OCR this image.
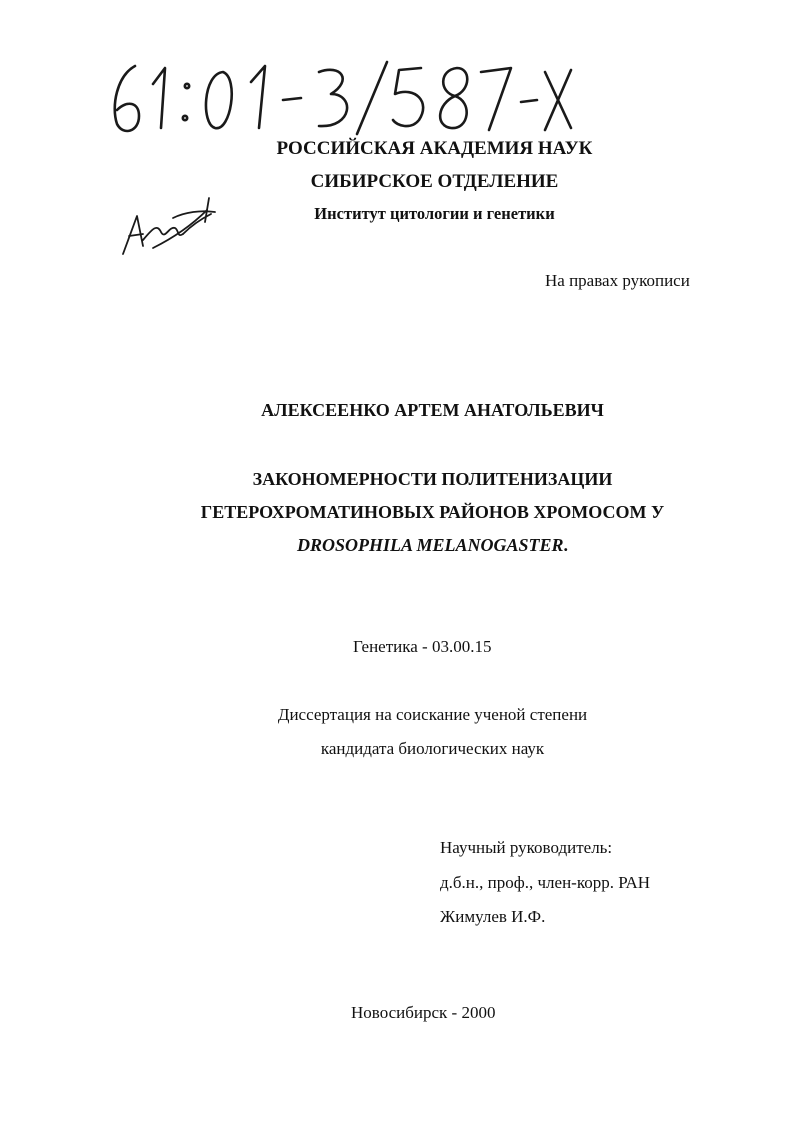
РОССИЙСКАЯ АКАДЕМИЯ НАУК
СИБИРСКОЕ ОТДЕЛЕНИЕ
Институт цитологии и генетики
На правах рукописи
АЛЕКСЕЕНКО АРТЕМ АНАТОЛЬЕВИЧ
ЗАКОНОМЕРНОСТИ ПОЛИТЕНИЗАЦИИ
ГЕТЕРОХРОМАТИНОВЫХ РАЙОНОВ ХРОМОСОМ У
DROSOPHILA MELANOGASTER.
Генетика - 03.00.15
Диссертация на соискание ученой степени
кандидата биологических наук
Научный руководитель:
д.б.н., проф., член-корр. РАН
Жимулев И.Ф.
Новосибирск - 2000
